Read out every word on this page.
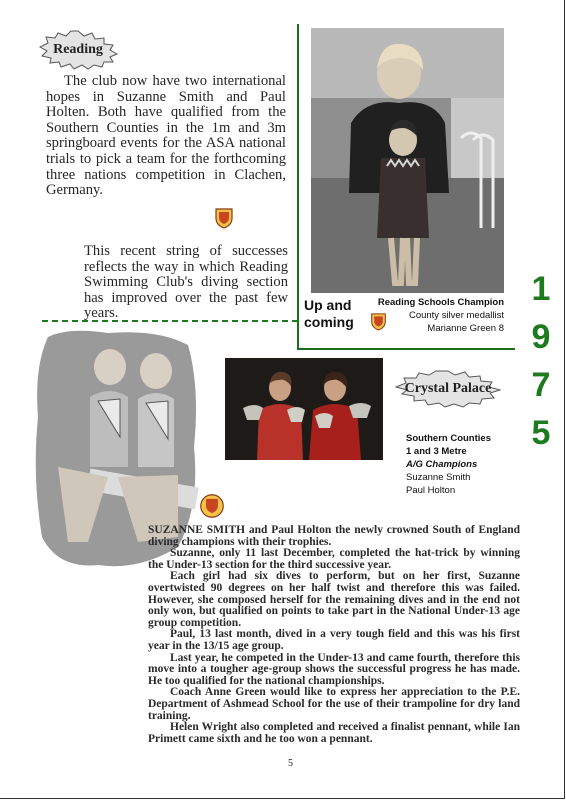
Reading

The club now have two international hopes in Suzanne Smith and Paul Holten. Both have qualified from the Southern Counties in the 1m and 3m springboard events for the ASA national trials to pick a team for the forthcoming three nations competition in Clachen, Germany.

This recent string of successes reflects the way in which Reading Swimming Club's diving section has improved over the past few years.

Up and
coming
Reading Schools Champion
County silver medallist
Marianne Green 8
1
9
7
5
Crystal Palace
Southern Counties
1 and 3 Metre
A/G Champions
Suzanne Smith
Paul Holton

SUZANNE SMITH and Paul Holton the newly crowned South of England diving champions with their trophies.

Suzanne, only 11 last December, completed the hat-trick by winning the Under-13 section for the third successive year.

Each girl had six dives to perform, but on her first, Suzanne overtwisted 90 degrees on her half twist and therefore this was failed. However, she composed herself for the remaining dives and in the end not only won, but qualified on points to take part in the National Under-13 age group competition.

Paul, 13 last month, dived in a very tough field and this was his first year in the 13/15 age group.

Last year, he competed in the Under-13 and came fourth, therefore this move into a tougher age-group shows the successful progress he has made. He too qualified for the national championships.

Coach Anne Green would like to express her appreciation to the P.E. Department of Ashmead School for the use of their trampoline for dry land training.

Helen Wright also completed and received a finalist pennant, while Ian Primett came sixth and he too won a pennant.

5
